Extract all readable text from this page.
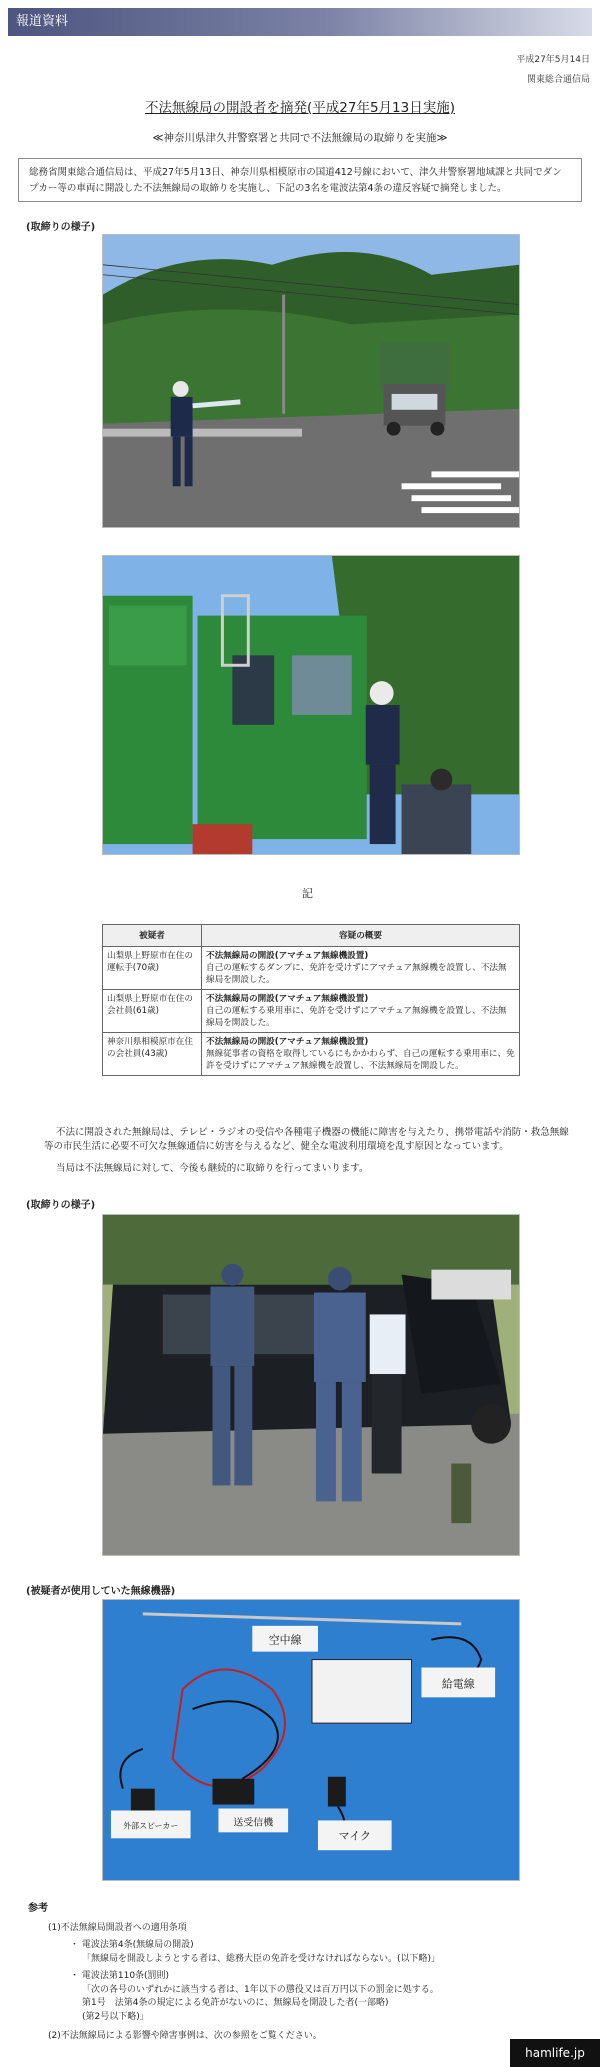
報道資料
平成27年5月14日
関東総合通信局
不法無線局の開設者を摘発(平成27年5月13日実施)
≪神奈川県津久井警察署と共同で不法無線局の取締りを実施≫
総務省関東総合通信局は、平成27年5月13日、神奈川県相模原市の国道412号線において、津久井警察署地域課と共同でダンプカー等の車両に開設した不法無線局の取締りを実施し、下記の3名を電波法第4条の違反容疑で摘発しました。
(取締りの様子)
記
被疑者	容疑の概要
山梨県上野原市在住の運転手(70歳)	不法無線局の開設(アマチュア無線機設置)
自己の運転するダンプに、免許を受けずにアマチュア無線機を設置し、不法無線局を開設した。
山梨県上野原市在住の会社員(61歳)	不法無線局の開設(アマチュア無線機設置)
自己の運転する乗用車に、免許を受けずにアマチュア無線機を設置し、不法無線局を開設した。
神奈川県相模原市在住の会社員(43歳)	不法無線局の開設(アマチュア無線機設置)
無線従事者の資格を取得しているにもかかわらず、自己の運転する乗用車に、免許を受けずにアマチュア無線機を設置し、不法無線局を開設した。
不法に開設された無線局は、テレビ・ラジオの受信や各種電子機器の機能に障害を与えたり、携帯電話や消防・救急無線等の市民生活に必要不可欠な無線通信に妨害を与えるなど、健全な電波利用環境を乱す原因となっています。
当局は不法無線局に対して、今後も継続的に取締りを行ってまいります。
(取締りの様子)
(被疑者が使用していた無線機器)
空中線
給電線
送受信機
外部スピーカー
マイク
参考
(1)不法無線局開設者への適用条項
・ 電波法第4条(無線局の開設)
「無線局を開設しようとする者は、総務大臣の免許を受けなければならない。(以下略)」
・ 電波法第110条(罰則)
「次の各号のいずれかに該当する者は、1年以下の懲役又は百万円以下の罰金に処する。
第1号　法第4条の規定による免許がないのに、無線局を開設した者(一部略)
(第2号以下略)」
(2)不法無線局による影響や障害事例は、次の参照をご覧ください。
hamlife.jp
